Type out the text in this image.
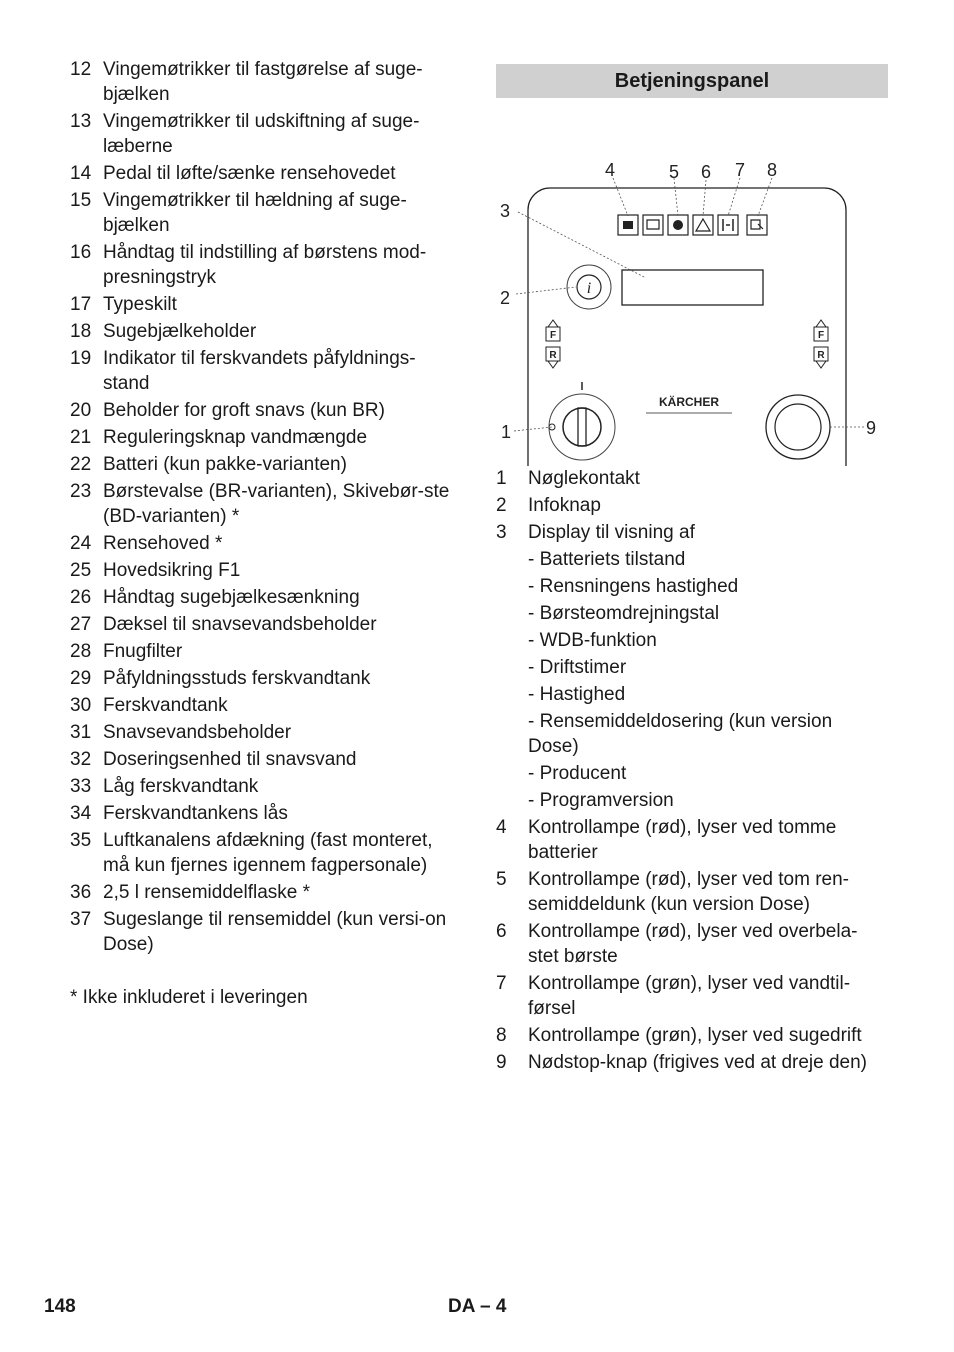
12 Vingemøtrikker til fastgørelse af suge-bjælken
13 Vingemøtrikker til udskiftning af suge-læberne
14 Pedal til løfte/sænke rensehovedet
15 Vingemøtrikker til hældning af suge-bjælken
16 Håndtag til indstilling af børstens mod-presningstryk
17 Typeskilt
18 Sugebjælkeholder
19 Indikator til ferskvandets påfyldnings-stand
20 Beholder for groft snavs (kun BR)
21 Reguleringsknap vandmængde
22 Batteri (kun pakke-varianten)
23 Børstevalse (BR-varianten), Skivebør-ste (BD-varianten) *
24 Rensehoved *
25 Hovedsikring F1
26 Håndtag sugebjælkesænkning
27 Dæksel til snavsevandsbeholder
28 Fnugfilter
29 Påfyldningsstuds ferskvandtank
30 Ferskvandtank
31 Snavsevandsbeholder
32 Doseringsenhed til snavsvand
33 Låg ferskvandtank
34 Ferskvandtankens lås
35 Luftkanalens afdækning (fast monteret, må kun fjernes igennem fagpersonale)
36 2,5 l rensemiddelflaske *
37 Sugeslange til rensemiddel (kun versi-on Dose)
* Ikke inkluderet i leveringen
Betjeningspanel
i
F
R
F
R
KÄRCHER
1
2
3
4	5 6 7 8
9
1	Nøglekontakt
2	Infoknap
3	Display til visning af
- Batteriets tilstand
- Rensningens hastighed
- Børsteomdrejningstal
- WDB-funktion
- Driftstimer
- Hastighed
- Rensemiddeldosering (kun version Dose)
- Producent
- Programversion
4	Kontrollampe (rød), lyser ved tomme batterier
5	Kontrollampe (rød), lyser ved tom ren-semiddeldunk (kun version Dose)
6	Kontrollampe (rød), lyser ved overbela-stet børste
7	Kontrollampe (grøn), lyser ved vandtil-førsel
8	Kontrollampe (grøn), lyser ved sugedrift
9	Nødstop-knap (frigives ved at dreje den)
148	DA – 4
